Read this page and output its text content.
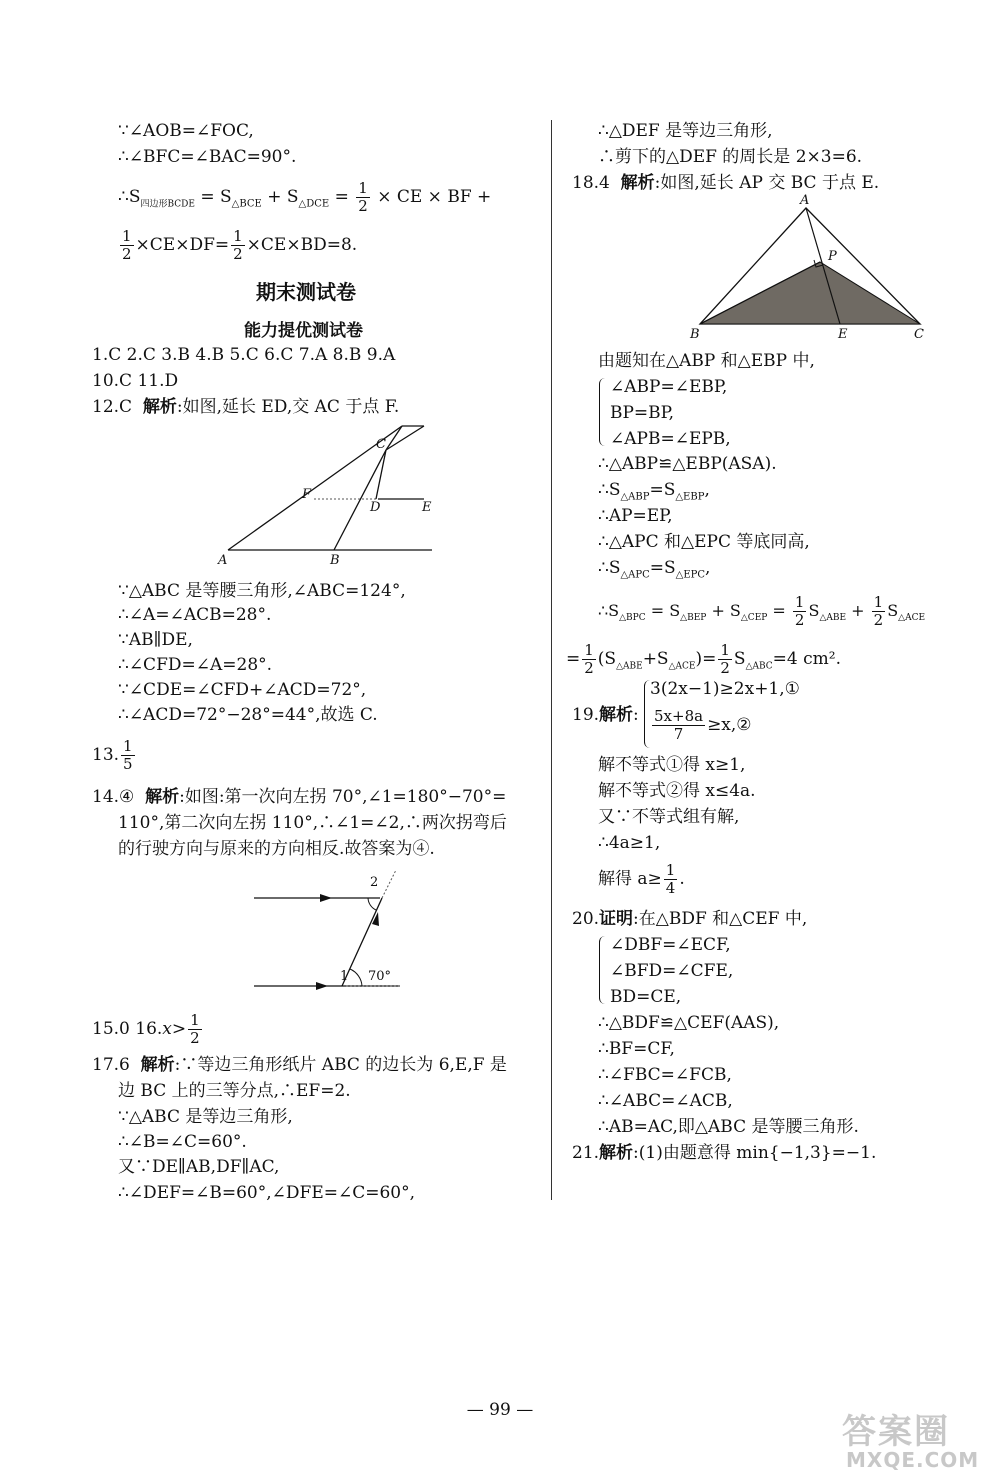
∵∠AOB=∠FOC,
∴∠BFC=∠BAC=90°.
$\therefore S_{四边形BCDE} = S_{\triangle BCE} + S_{\triangle DCE} = \frac{1}{2}$ × CE × BF +
$\frac{1}{2} \times CE\times DF= \frac{1}{2} \times CE\times BD=8$.
期末测试卷
能力提优测试卷
1.C 2.C 3.B 4.B 5.C 6.C 7.A 8.B 9.A
10.C 11.D
12.C 解析:如图,延长 ED,交 AC 于点 F.
C
F
D	E
A	B
∵△ABC 是等腰三角形,∠ABC=124°,
∴∠A=∠ACB=28°.
∵AB∥DE,
∴∠CFD=∠A=28°.
∵∠CDE=∠CFD+∠ACD=72°,
∴∠ACD=72°−28°=44°,故选 C.
13. $\frac{1}{5}$
14.④ 解析:如图:第一次向左拐 70°,∠1=180°−70°=
110°,第二次向左拐 110°,∴∠1=∠2,∴两次拐弯后
的行驶方向与原来的方向相反.故答案为④.
2
1 70°
15.0 $16.x> \frac{1}{2}$
17.6 解析:∵等边三角形纸片 ABC 的边长为 6,E,F 是
边 BC 上的三等分点,∴EF=2.
∵△ABC 是等边三角形,
∴∠B=∠C=60°.
又∵DE∥AB,DF∥AC,
∴∠DEF=∠B=60°,∠DFE=∠C=60°,
∴△DEF 是等边三角形,
∴剪下的△DEF 的周长是 2×3=6.
18.4 解析:如图,延长 AP 交 BC 于点 E.
A
P
B	E	C
由题知在△ABP 和△EBP 中,
∠ABP=∠EBP,
BP=BP,
∠APB=∠EPB,
∴△ABP≌△EBP(ASA).
$\therefore S_{\triangle ABP}=S_{\triangle EBP}$,
∴AP=EP,
∴△APC 和△EPC 等底同高,
$\therefore S_{\triangle APC}=S_{\triangle EPC}$,
$\therefore S_{\triangle BPC} = S_{\triangle BEP} + S_{\triangle CEP} = \frac{1}{2} S_{\triangle ABE} + \frac{1}{2} S_{\triangle ACE}$
= $\frac{1}{2} (S_{\triangle ABE}+S_{\triangle ACE})= \frac{1}{2} S_{\triangle ABC}=4$ cm².
19.解析:
3(2x−1)≥2x+1,①
$\frac{5x+8a}{7}$ ≥x,②
解不等式①得 x≥1,
解不等式②得 x≤4a.
又∵不等式组有解,
∴4a≥1,
解得 $a\ge \frac{1}{4}$ .
20.证明:在△BDF 和△CEF 中,
∠DBF=∠ECF,
∠BFD=∠CFE,
BD=CE,
∴△BDF≌△CEF(AAS),
∴BF=CF,
∴∠FBC=∠FCB,
∴∠ABC=∠ACB,
∴AB=AC,即△ABC 是等腰三角形.
21.解析:(1)由题意得 min{−1,3}=−1.
— 99 —
答案圈
MXQE.COM
